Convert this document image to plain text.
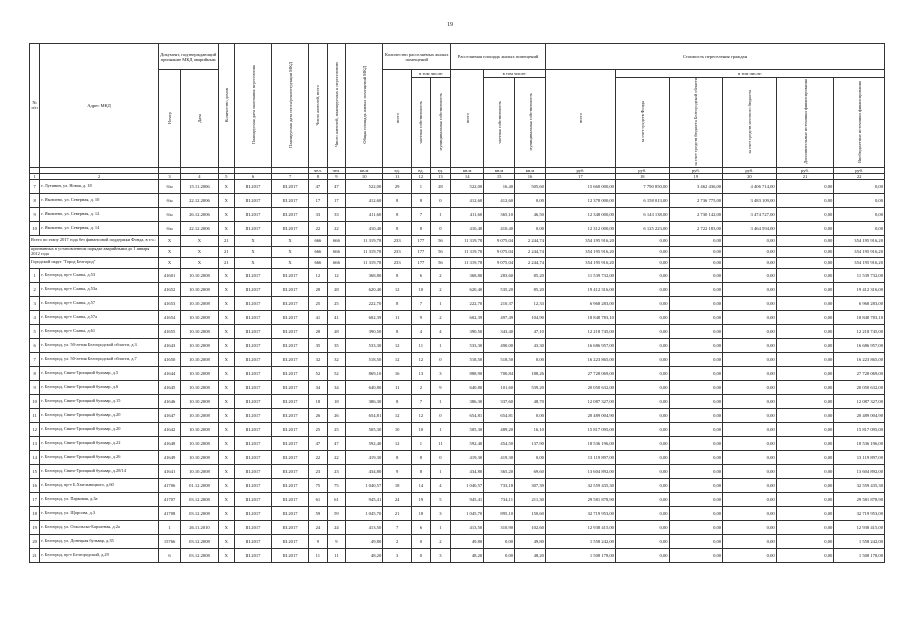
19
№ п/п	Адрес МКД	Документ, подтверждающий признание МКД аварийным		Количество домов	Планируемая дата окончания переселения	Планируемая дата сноса/реконструкции МКД	Число жителей, всего	Число жителей, планируемых к переселению	Общая площадь жилых помещений МКД	Количество расселяемых жилых помещений			Расселяемая площадь жилых помещений			Стоимость переселения граждан					
		Номер	Дата							всего	в том числе:		всего	в том числе:		всего	в том числе:				
											частная собственность	муниципальная собственность		частная собственность	муниципальная собственность		за счет средств Фонда	за счет средств бюджета Белгородской области	за счет средств местного бюджета	Дополнительные источники финансирования	Внебюджетные источники финансирования
							чел.	чел.	кв.м	ед.	ед.	ед.	кв.м	кв.м	кв.м	руб.	руб.	руб.	руб.	руб.	руб.
1	2	3	4	5	6	7	8	9	10	11	12	13	14	15	16	17	18	19	20	21	22
7	г. Лутянин, ул. Новая, д. 18	б/н	15.11.2006	X	III.2017	III.2017	47	47	522,00	29	1	28	522,00	16,40	505,60	15 660 000,00	7 790 850,00	3 462 436,00	4 406 714,00	0,00	0,00
8	г. Яковлево, ул. Северная, д. 10	б/н	22.12.2006	X	III.2017	III.2017	17	17	412,60	8	8	0	412,60	412,60	0,00	12 378 000,00	6 158 013,00	2 736 775,00	3 483 109,00	0,00	0,00
9	г. Яковлево, ул. Северная, д. 12	б/н	26.12.2006	X	III.2017	III.2017	33	33	411,60	8	7	1	411,60	365,10	46,50	12 348 000,00	6 143 138,00	2 730 142,00	3 474 727,00	0,00	0,00
10	г. Яковлево, ул. Северная, д. 14	б/н	22.12.2006	X	III.2017	III.2017	22	22	410,40	8	8	0	410,40	410,40	0,00	12 312 000,00	6 125 223,00	2 722 183,00	3 464 594,00	0,00	0,00
Всего по этапу 2017 года без финансовой поддержки Фонда, в т.ч.:		X	X	21	X	X	666	666	11 319,78	233	177	56	11 319,78	9 075,04	2 244,74	354 195 916,20	0,00	0,00	0,00	0,00	354 195 916,20
признанных в установленном порядке аварийными до 1 января 2012 года		X	X	21	X	X	666	666	11 319,78	233	177	56	11 319,78	9 075,04	2 244,74	354 195 916,20	0,00	0,00	0,00	0,00	354 195 916,20
Городской округ "Город Белгород"		X	X	21	X	X	666	666	11 319,78	233	177	56	11 319,78	9 075,04	2 244,74	354 195 916,20	0,00	0,00	0,00	0,00	354 195 916,20
1	г. Белгород, пр-т Славы, д.53	41601	10.10.2008	X	III.2017	III.2017	12	12	368,80	8	6	2	368,80	283,60	85,20	11 539 732,00	0,00	0,00	0,00	0,00	11 539 732,00
2	г. Белгород, пр-т Славы, д.53а	41652	10.10.2008	X	III.2017	III.2017	28	28	620,40	12	10	2	620,40	535,20	85,20	19 412 316,00	0,00	0,00	0,00	0,00	19 412 316,00
3	г. Белгород, пр-т Славы, д.57	41653	10.10.2008	X	III.2017	III.2017	25	25	222,70	8	7	1	222,70	210,37	12,33	6 968 283,00	0,00	0,00	0,00	0,00	6 968 283,00
4	г. Белгород, пр-т Славы, д.57а	41654	10.10.2008	X	III.2017	III.2017	41	41	602,39	11	9	2	602,39	497,49	104,90	18 848 783,10	0,00	0,00	0,00	0,00	18 848 783,10
5	г. Белгород, пр-т Славы, д.61	41655	10.10.2008	X	III.2017	III.2017	28	28	390,50	8	4	4	390,50	343,40	47,10	12 218 745,00	0,00	0,00	0,00	0,00	12 218 745,00
6	г. Белгород, ул. 50-летия Белгородской области, д.3	41643	10.10.2008	X	III.2017	III.2017	35	35	533,30	12	11	1	533,30	490,00	43,30	16 686 957,00	0,00	0,00	0,00	0,00	16 686 957,00
7	г. Белгород, ул. 50-летия Белгородской области, д.7	41650	10.10.2008	X	III.2017	III.2017	32	32	518,50	12	12	0	518,50	518,50	0,00	16 223 865,00	0,00	0,00	0,00	0,00	16 223 865,00
8	г. Белгород, Свято-Троицкий бульвар, д.5	41644	10.10.2008	X	III.2017	III.2017	52	52	869,10	16	13	3	888,90	700,84	188,26	27 728 069,00	0,00	0,00	0,00	0,00	27 728 069,00
9	г. Белгород, Свято-Троицкий бульвар, д.6	41645	10.10.2008	X	III.2017	III.2017	34	34	640,80	11	2	9	640,80	101,60	539,20	20 050 632,00	0,00	0,00	0,00	0,00	20 050 632,00
10	г. Белгород, Свято-Троицкий бульвар, д.15	41646	10.10.2008	X	III.2017	III.2017	18	18	386,30	8	7	1	386,30	337,60	48,70	12 087 327,00	0,00	0,00	0,00	0,00	12 087 327,00
11	г. Белгород, Свято-Троицкий бульвар, д.20	41647	10.10.2008	X	III.2017	III.2017	26	26	654,81	12	12	0	654,81	654,81	0,00	20 489 004,90	0,00	0,00	0,00	0,00	20 489 004,90
12	г. Белгород, Свято-Троицкий бульвар, д.20	41642	10.10.2008	X	III.2017	III.2017	25	25	505,30	10	10	1	505,30	489,20	16,10	15 817 095,00	0,00	0,00	0,00	0,00	15 817 095,00
13	г. Белгород, Свято-Троицкий бульвар, д.22	41648	10.10.2008	X	III.2017	III.2017	47	47	592,40	12	1	11	592,40	454,50	137,90	18 536 196,00	0,00	0,00	0,00	0,00	18 536 196,00
14	г. Белгород, Свято-Троицкий бульвар, д.26	41649	10.10.2008	X	III.2017	III.2017	22	22	419,30	8	8	0	419,30	419,30	0,00	13 119 897,00	0,00	0,00	0,00	0,00	13 119 897,00
15	г. Белгород, Свято-Троицкий бульвар, д.28/14	41641	10.10.2008	X	III.2017	III.2017	23	23	434,80	9	8	1	434,80	365,20	69,60	13 604 892,00	0,00	0,00	0,00	0,00	13 604 892,00
16	г. Белгород, пр-т Б.Хмельницкого, д.60	41706	01.12.2008	X	III.2017	III.2017	75	75	1 040,57	18	14	4	1 040,57	733,18	307,39	32 559 435,30	0,00	0,00	0,00	0,00	32 559 435,30
17	г. Белгород, ул. Парковая, д.3а	41707	03.12.2008	X	III.2017	III.2017	61	61	945,41	24	19	5	945,41	734,11	211,30	29 581 878,90	0,00	0,00	0,00	0,00	29 581 878,90
18	г. Белгород, ул. Щорсова, д.3	41708	03.12.2008	X	III.2017	III.2017	59	59	1 045,70	21	18	3	1 045,70	895,10	150,60	32 719 953,00	0,00	0,00	0,00	0,00	32 719 953,00
19	г. Белгород, ул. Оскольско-Бархатная, д.2а	1	26.11.2010	X	III.2017	III.2017	24	24	413,50	7	6	1	413,50	310,90	102,60	12 938 415,00	0,00	0,00	0,00	0,00	12 938 415,00
20	г. Белгород, ул. Донецкая бульвар, д.35	15766	03.12.2008	X	III.2017	III.2017	9	9	49,80	2	0	2	49,80	0,00	49,80	1 558 242,00	0,00	0,00	0,00	0,00	1 558 242,00
21	г. Белгород, пр-т Белгородский, д.29	6	03.12.2008	X	III.2017	III.2017	11	11	48,20	3	0	3	48,20	0,00	48,20	1 508 178,00	0,00	0,00	0,00	0,00	1 508 178,00
